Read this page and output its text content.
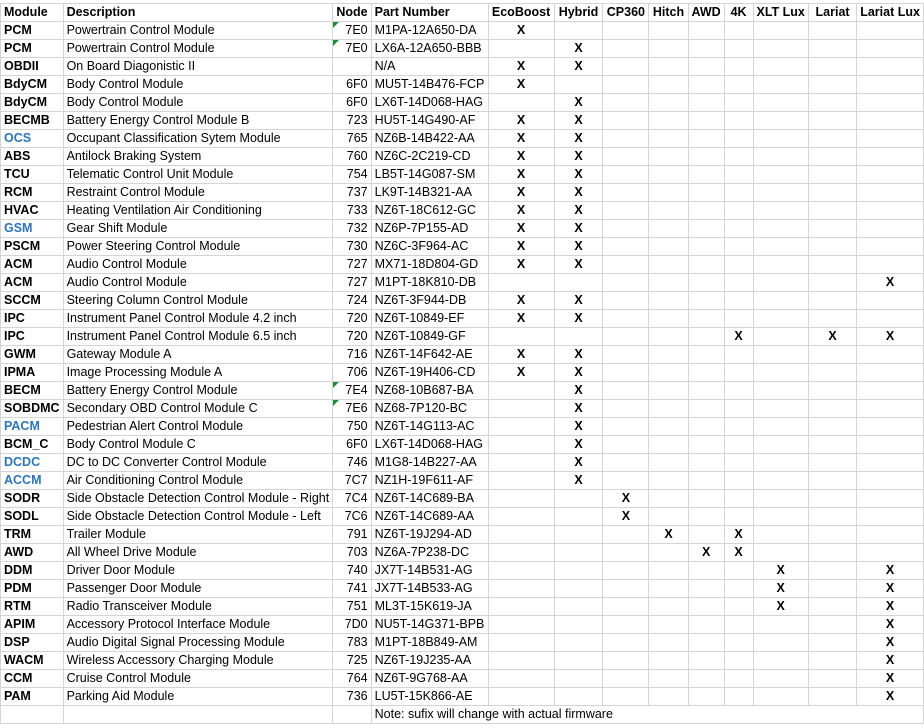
Module	Description	Node	Part Number	EcoBoost	Hybrid	CP360	Hitch	AWD	4K	XLT Lux	Lariat	Lariat Lux
PCM	Powertrain Control Module	7E0	M1PA-12A650-DA	X								
PCM	Powertrain Control Module	7E0	LX6A-12A650-BBB		X							
OBDII	On Board Diagonistic II		N/A	X	X							
BdyCM	Body Control Module	6F0	MU5T-14B476-FCP	X								
BdyCM	Body Control Module	6F0	LX6T-14D068-HAG		X							
BECMB	Battery Energy Control Module B	723	HU5T-14G490-AF	X	X							
OCS	Occupant Classification Sytem Module	765	NZ6B-14B422-AA	X	X							
ABS	Antilock Braking System	760	NZ6C-2C219-CD	X	X							
TCU	Telematic Control Unit Module	754	LB5T-14G087-SM	X	X							
RCM	Restraint Control Module	737	LK9T-14B321-AA	X	X							
HVAC	Heating Ventilation Air Conditioning	733	NZ6T-18C612-GC	X	X							
GSM	Gear Shift Module	732	NZ6P-7P155-AD	X	X							
PSCM	Power Steering Control Module	730	NZ6C-3F964-AC	X	X							
ACM	Audio Control Module	727	MX71-18D804-GD	X	X							
ACM	Audio Control Module	727	M1PT-18K810-DB									X
SCCM	Steering Column Control Module	724	NZ6T-3F944-DB	X	X							
IPC	Instrument Panel Control Module 4.2 inch	720	NZ6T-10849-EF	X	X							
IPC	Instrument Panel Control Module 6.5 inch	720	NZ6T-10849-GF						X		X	X
GWM	Gateway Module A	716	NZ6T-14F642-AE	X	X							
IPMA	Image Processing Module A	706	NZ6T-19H406-CD	X	X							
BECM	Battery Energy Control Module	7E4	NZ68-10B687-BA		X							
SOBDMC	Secondary OBD Control Module C	7E6	NZ68-7P120-BC		X							
PACM	Pedestrian Alert Control Module	750	NZ6T-14G113-AC		X							
BCM_C	Body Control Module C	6F0	LX6T-14D068-HAG		X							
DCDC	DC to DC Converter Control Module	746	M1G8-14B227-AA		X							
ACCM	Air Conditioning Control Module	7C7	NZ1H-19F611-AF		X							
SODR	Side Obstacle Detection Control Module - Right	7C4	NZ6T-14C689-BA			X						
SODL	Side Obstacle Detection Control Module - Left	7C6	NZ6T-14C689-AA			X						
TRM	Trailer Module	791	NZ6T-19J294-AD				X		X			
AWD	All Wheel Drive Module	703	NZ6A-7P238-DC					X	X			
DDM	Driver Door Module	740	JX7T-14B531-AG							X		X
PDM	Passenger Door Module	741	JX7T-14B533-AG							X		X
RTM	Radio Transceiver Module	751	ML3T-15K619-JA							X		X
APIM	Accessory Protocol Interface Module	7D0	NU5T-14G371-BPB									X
DSP	Audio Digital Signal Processing Module	783	M1PT-18B849-AM									X
WACM	Wireless Accessory Charging Module	725	NZ6T-19J235-AA									X
CCM	Cruise Control Module	764	NZ6T-9G768-AA									X
PAM	Parking Aid Module	736	LU5T-15K866-AE									X
			Note: sufix will change with actual firmware									
